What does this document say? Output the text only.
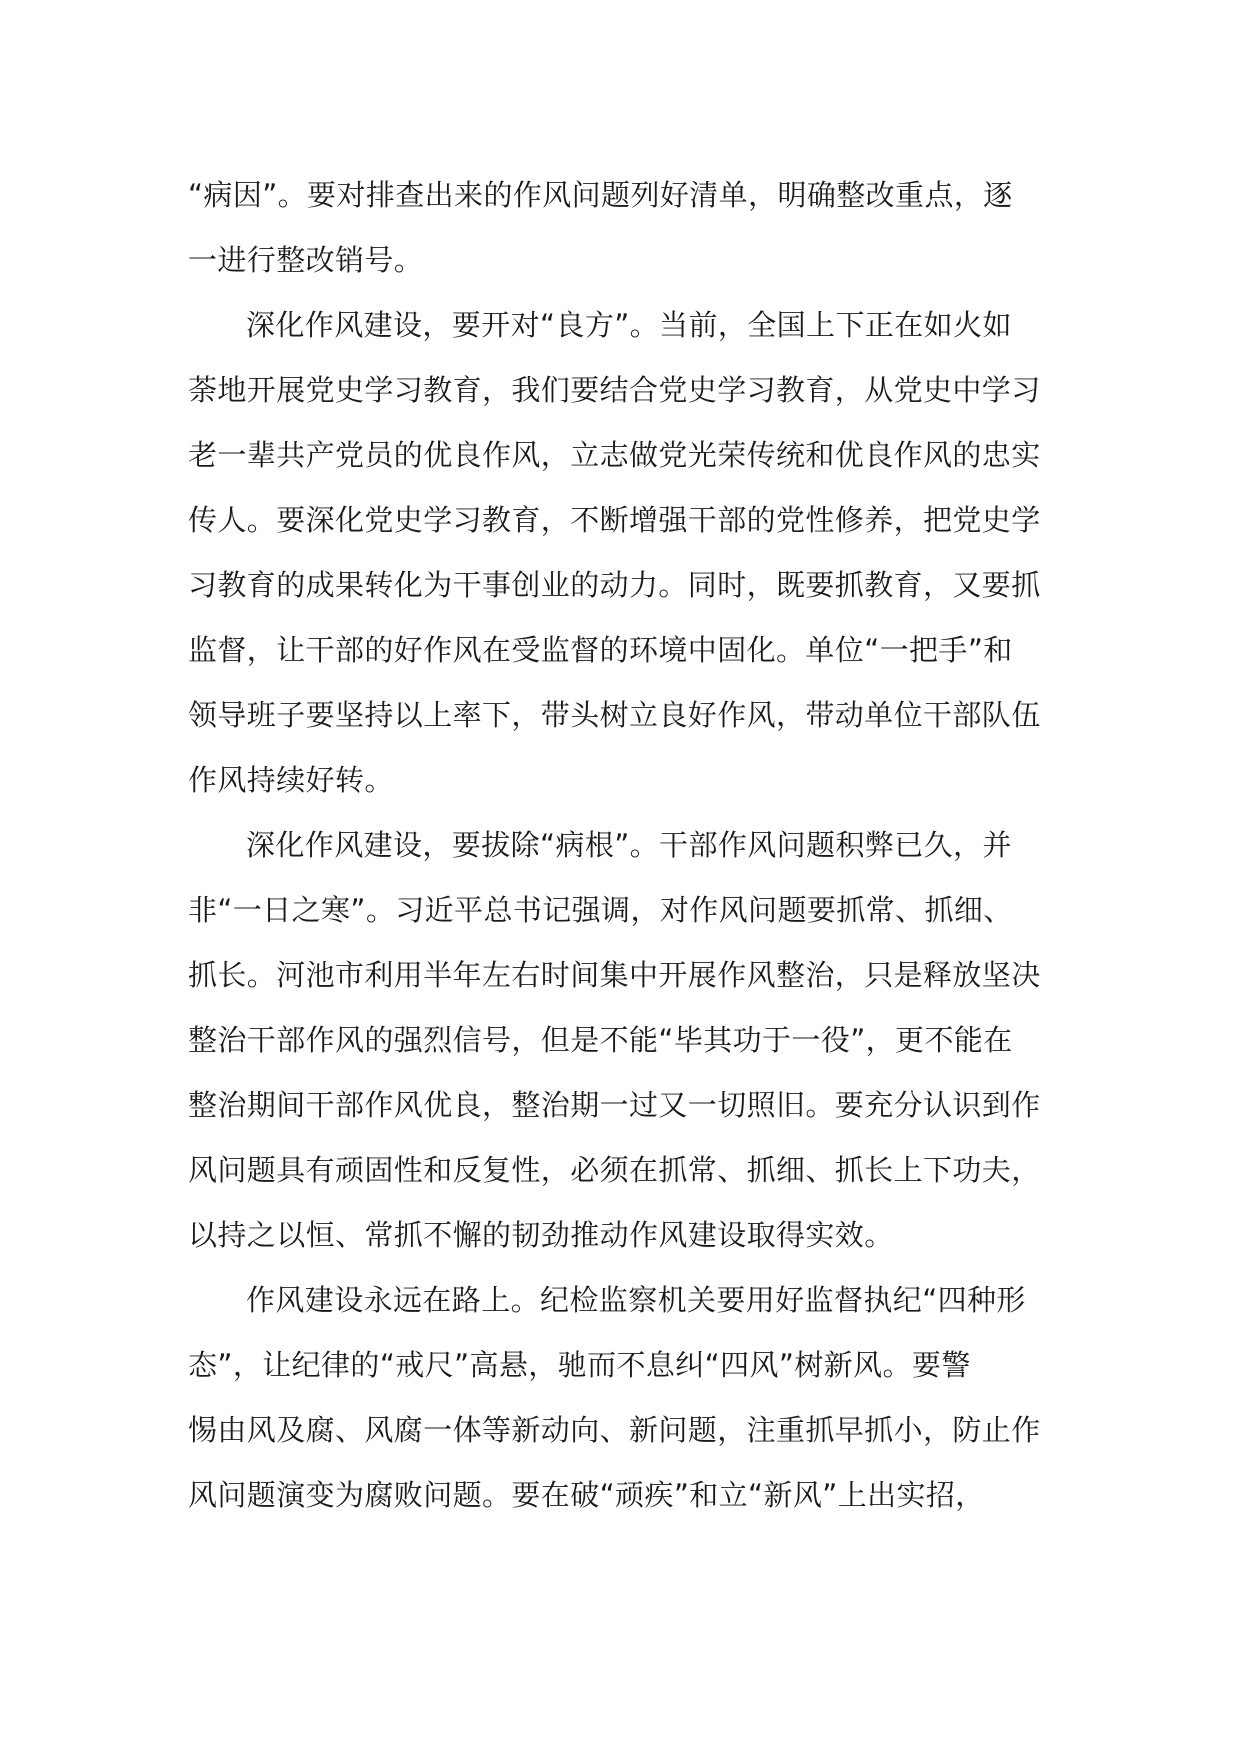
“病因”。要对排查出来的作风问题列好清单，明确整改重点，逐
一进行整改销号。
深化作风建设，要开对“良方”。当前，全国上下正在如火如
荼地开展党史学习教育，我们要结合党史学习教育，从党史中学习
老一辈共产党员的优良作风，立志做党光荣传统和优良作风的忠实
传人。要深化党史学习教育，不断增强干部的党性修养，把党史学
习教育的成果转化为干事创业的动力。同时，既要抓教育，又要抓
监督，让干部的好作风在受监督的环境中固化。单位“一把手”和
领导班子要坚持以上率下，带头树立良好作风，带动单位干部队伍
作风持续好转。
深化作风建设，要拔除“病根”。干部作风问题积弊已久，并
非“一日之寒”。习近平总书记强调，对作风问题要抓常、抓细、
抓长。河池市利用半年左右时间集中开展作风整治，只是释放坚决
整治干部作风的强烈信号，但是不能“毕其功于一役”，更不能在
整治期间干部作风优良，整治期一过又一切照旧。要充分认识到作
风问题具有顽固性和反复性，必须在抓常、抓细、抓长上下功夫，
以持之以恒、常抓不懈的韧劲推动作风建设取得实效。
作风建设永远在路上。纪检监察机关要用好监督执纪“四种形
态”，让纪律的“戒尺”高悬，驰而不息纠“四风”树新风。要警
惕由风及腐、风腐一体等新动向、新问题，注重抓早抓小，防止作
风问题演变为腐败问题。要在破“顽疾”和立“新风”上出实招，
